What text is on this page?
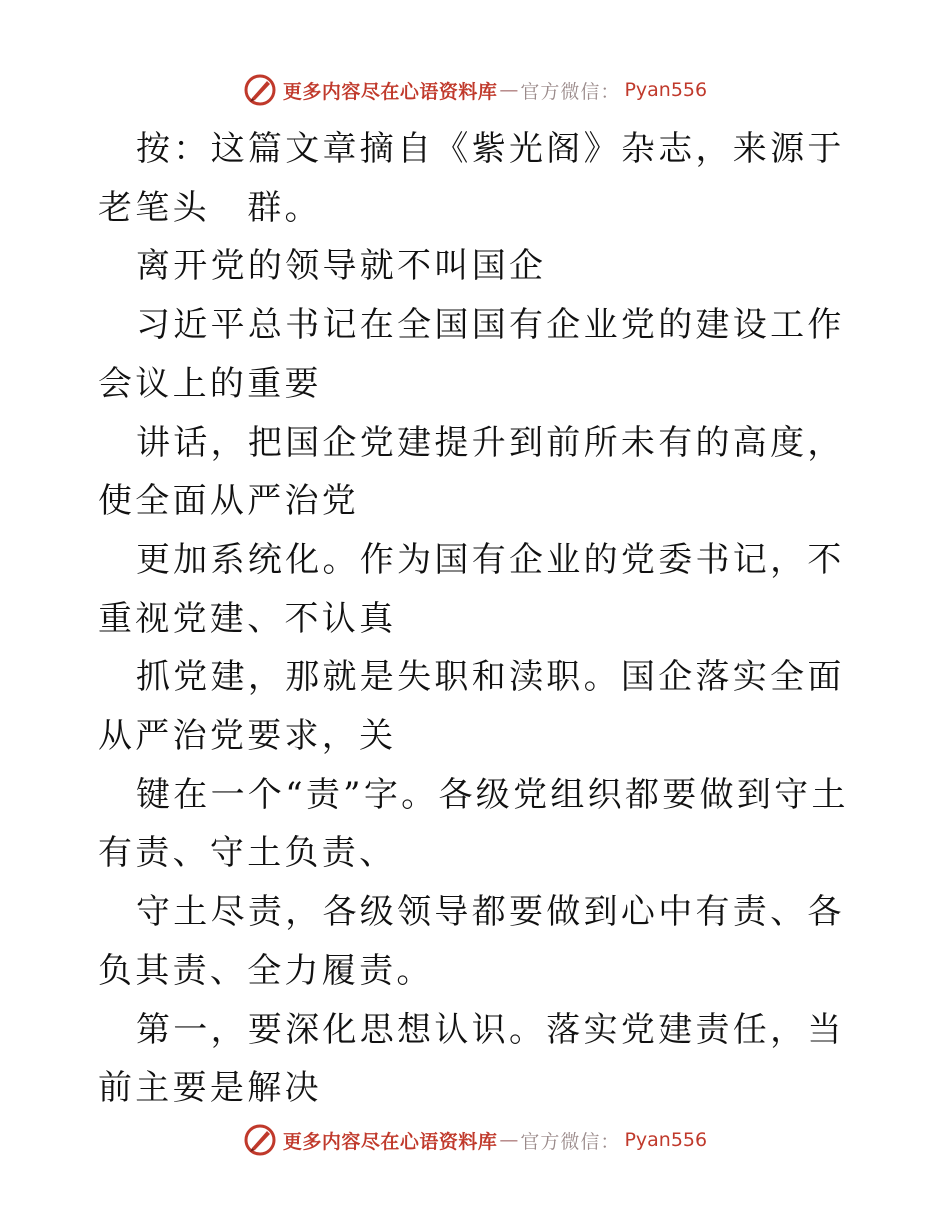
更多内容尽在心语资料库 — 官方微信： Pyan556

按：这篇文章摘自《紫光阁》杂志，来源于老笔头　群。

离开党的领导就不叫国企

习近平总书记在全国国有企业党的建设工作会议上的重要

讲话，把国企党建提升到前所未有的高度，使全面从严治党

更加系统化。作为国有企业的党委书记，不重视党建、不认真

抓党建，那就是失职和渎职。国企落实全面从严治党要求，关

键在一个“责”字。各级党组织都要做到守土有责、守土负责、

守土尽责，各级领导都要做到心中有责、各负其责、全力履责。

第一，要深化思想认识。落实党建责任，当前主要是解决

更多内容尽在心语资料库 — 官方微信： Pyan556
